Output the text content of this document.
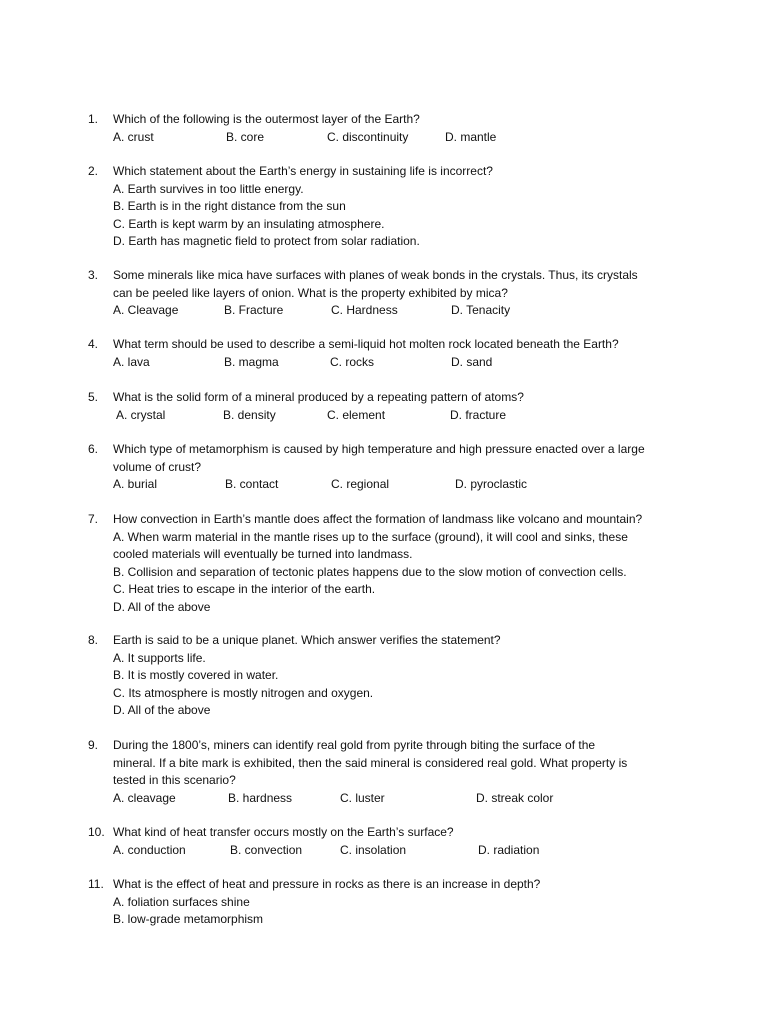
1.	Which of the following is the outermost layer of the Earth?
A. crust	B. core	C. discontinuity	D. mantle
2.	Which statement about the Earth’s energy in sustaining life is incorrect?
A. Earth survives in too little energy.
B. Earth is in the right distance from the sun
C. Earth is kept warm by an insulating atmosphere.
D. Earth has magnetic field to protect from solar radiation.
3.	Some minerals like mica have surfaces with planes of weak bonds in the crystals. Thus, its crystals
can be peeled like layers of onion. What is the property exhibited by mica?
A. Cleavage	B. Fracture	C. Hardness	D. Tenacity
4.	What term should be used to describe a semi-liquid hot molten rock located beneath the Earth?
A. lava	B. magma	C. rocks	D. sand
5.	What is the solid form of a mineral produced by a repeating pattern of atoms?
A. crystal	B. density	C. element	D. fracture
6.	Which type of metamorphism is caused by high temperature and high pressure enacted over a large
volume of crust?
A. burial	B. contact	C. regional	D. pyroclastic
7.	How convection in Earth’s mantle does affect the formation of landmass like volcano and mountain?
A. When warm material in the mantle rises up to the surface (ground), it will cool and sinks, these
cooled materials will eventually be turned into landmass.
B. Collision and separation of tectonic plates happens due to the slow motion of convection cells.
C. Heat tries to escape in the interior of the earth.
D. All of the above
8.	Earth is said to be a unique planet. Which answer verifies the statement?
A. It supports life.
B. It is mostly covered in water.
C. Its atmosphere is mostly nitrogen and oxygen.
D. All of the above
9.	During the 1800’s, miners can identify real gold from pyrite through biting the surface of the
mineral. If a bite mark is exhibited, then the said mineral is considered real gold. What property is
tested in this scenario?
A. cleavage	B. hardness	C. luster	D. streak color
10. What kind of heat transfer occurs mostly on the Earth’s surface?
A. conduction	B. convection	C. insolation	D. radiation
11. What is the effect of heat and pressure in rocks as there is an increase in depth?
A. foliation surfaces shine
B. low-grade metamorphism
